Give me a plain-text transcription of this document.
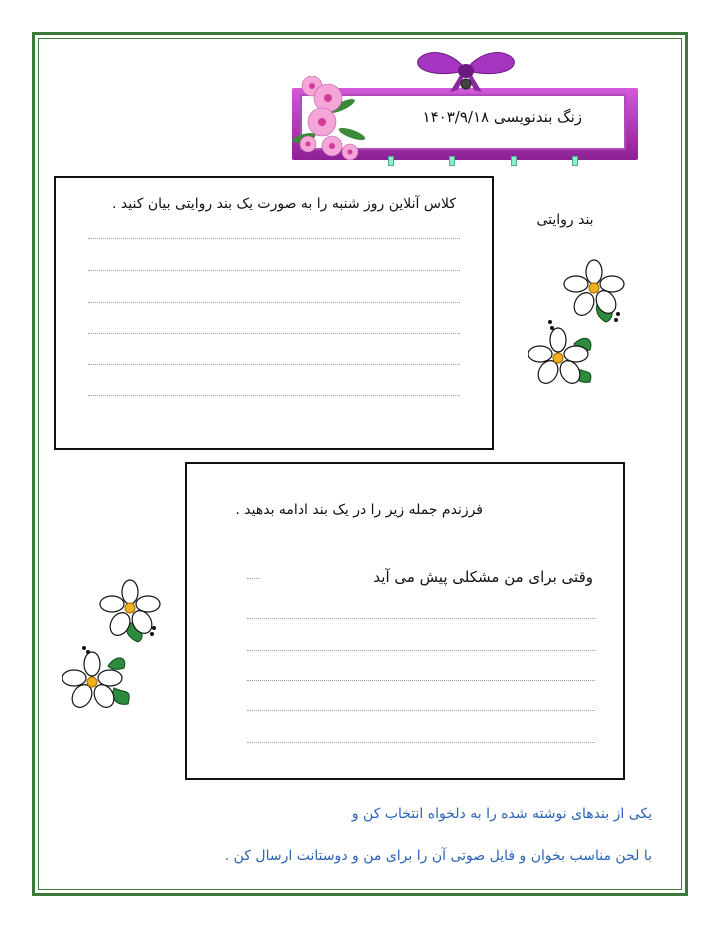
زنگ بندنویسی ۱۴۰۳/۹/۱۸
بند روایتی
کلاس آنلاین روز شنبه را به صورت یک بند روایتی بیان کنید .
فرزندم جمله زیر را در یک بند ادامه بدهید .
وقتی برای من مشکلی پیش می آید
یکی از بندهای نوشته شده را به دلخواه انتخاب کن و
با لحن مناسب بخوان و فایل صوتی آن را برای من و دوستانت ارسال کن .
